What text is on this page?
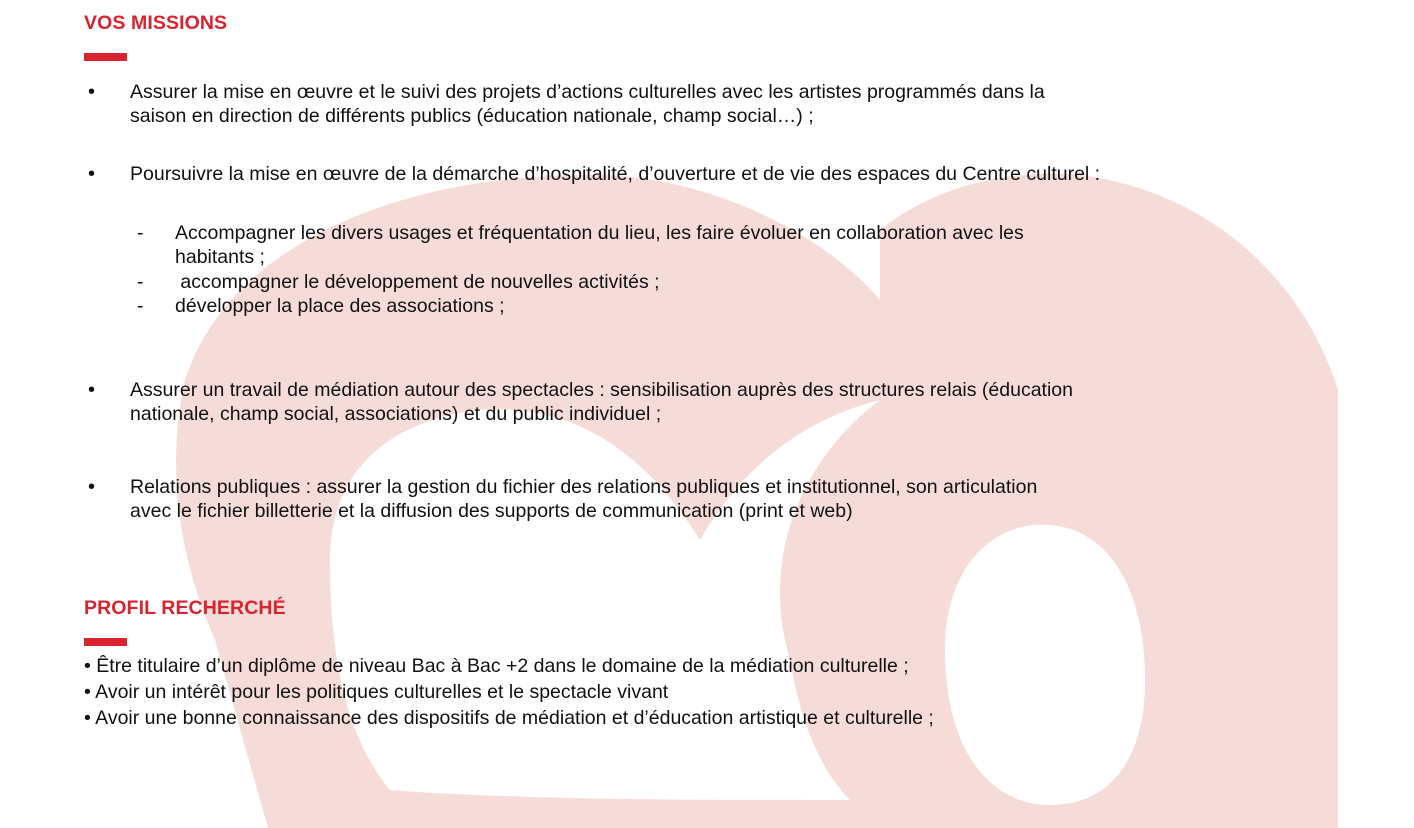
VOS MISSIONS
• Assurer la mise en œuvre et le suivi des projets d’actions culturelles avec les artistes programmés dans la

saison en direction de différents publics (éducation nationale, champ social…) ;

•	Poursuivre la mise en œuvre de la démarche d’hospitalité, d’ouverture et de vie des espaces du Centre culturel :

- Accompagner les divers usages et fréquentation du lieu, les faire évoluer en collaboration avec les

habitants ;

- accompagner le développement de nouvelles activités ;

- développer la place des associations ;

• Assurer un travail de médiation autour des spectacles : sensibilisation auprès des structures relais (éducation

nationale, champ social, associations) et du public individuel ;

• Relations publiques : assurer la gestion du fichier des relations publiques et institutionnel, son articulation

avec le fichier billetterie et la diffusion des supports de communication (print et web)

PROFIL RECHERCHÉ

• Être titulaire d’un diplôme de niveau Bac à Bac +2 dans le domaine de la médiation culturelle ;

• Avoir un intérêt pour les politiques culturelles et le spectacle vivant

• Avoir une bonne connaissance des dispositifs de médiation et d’éducation artistique et culturelle ;
